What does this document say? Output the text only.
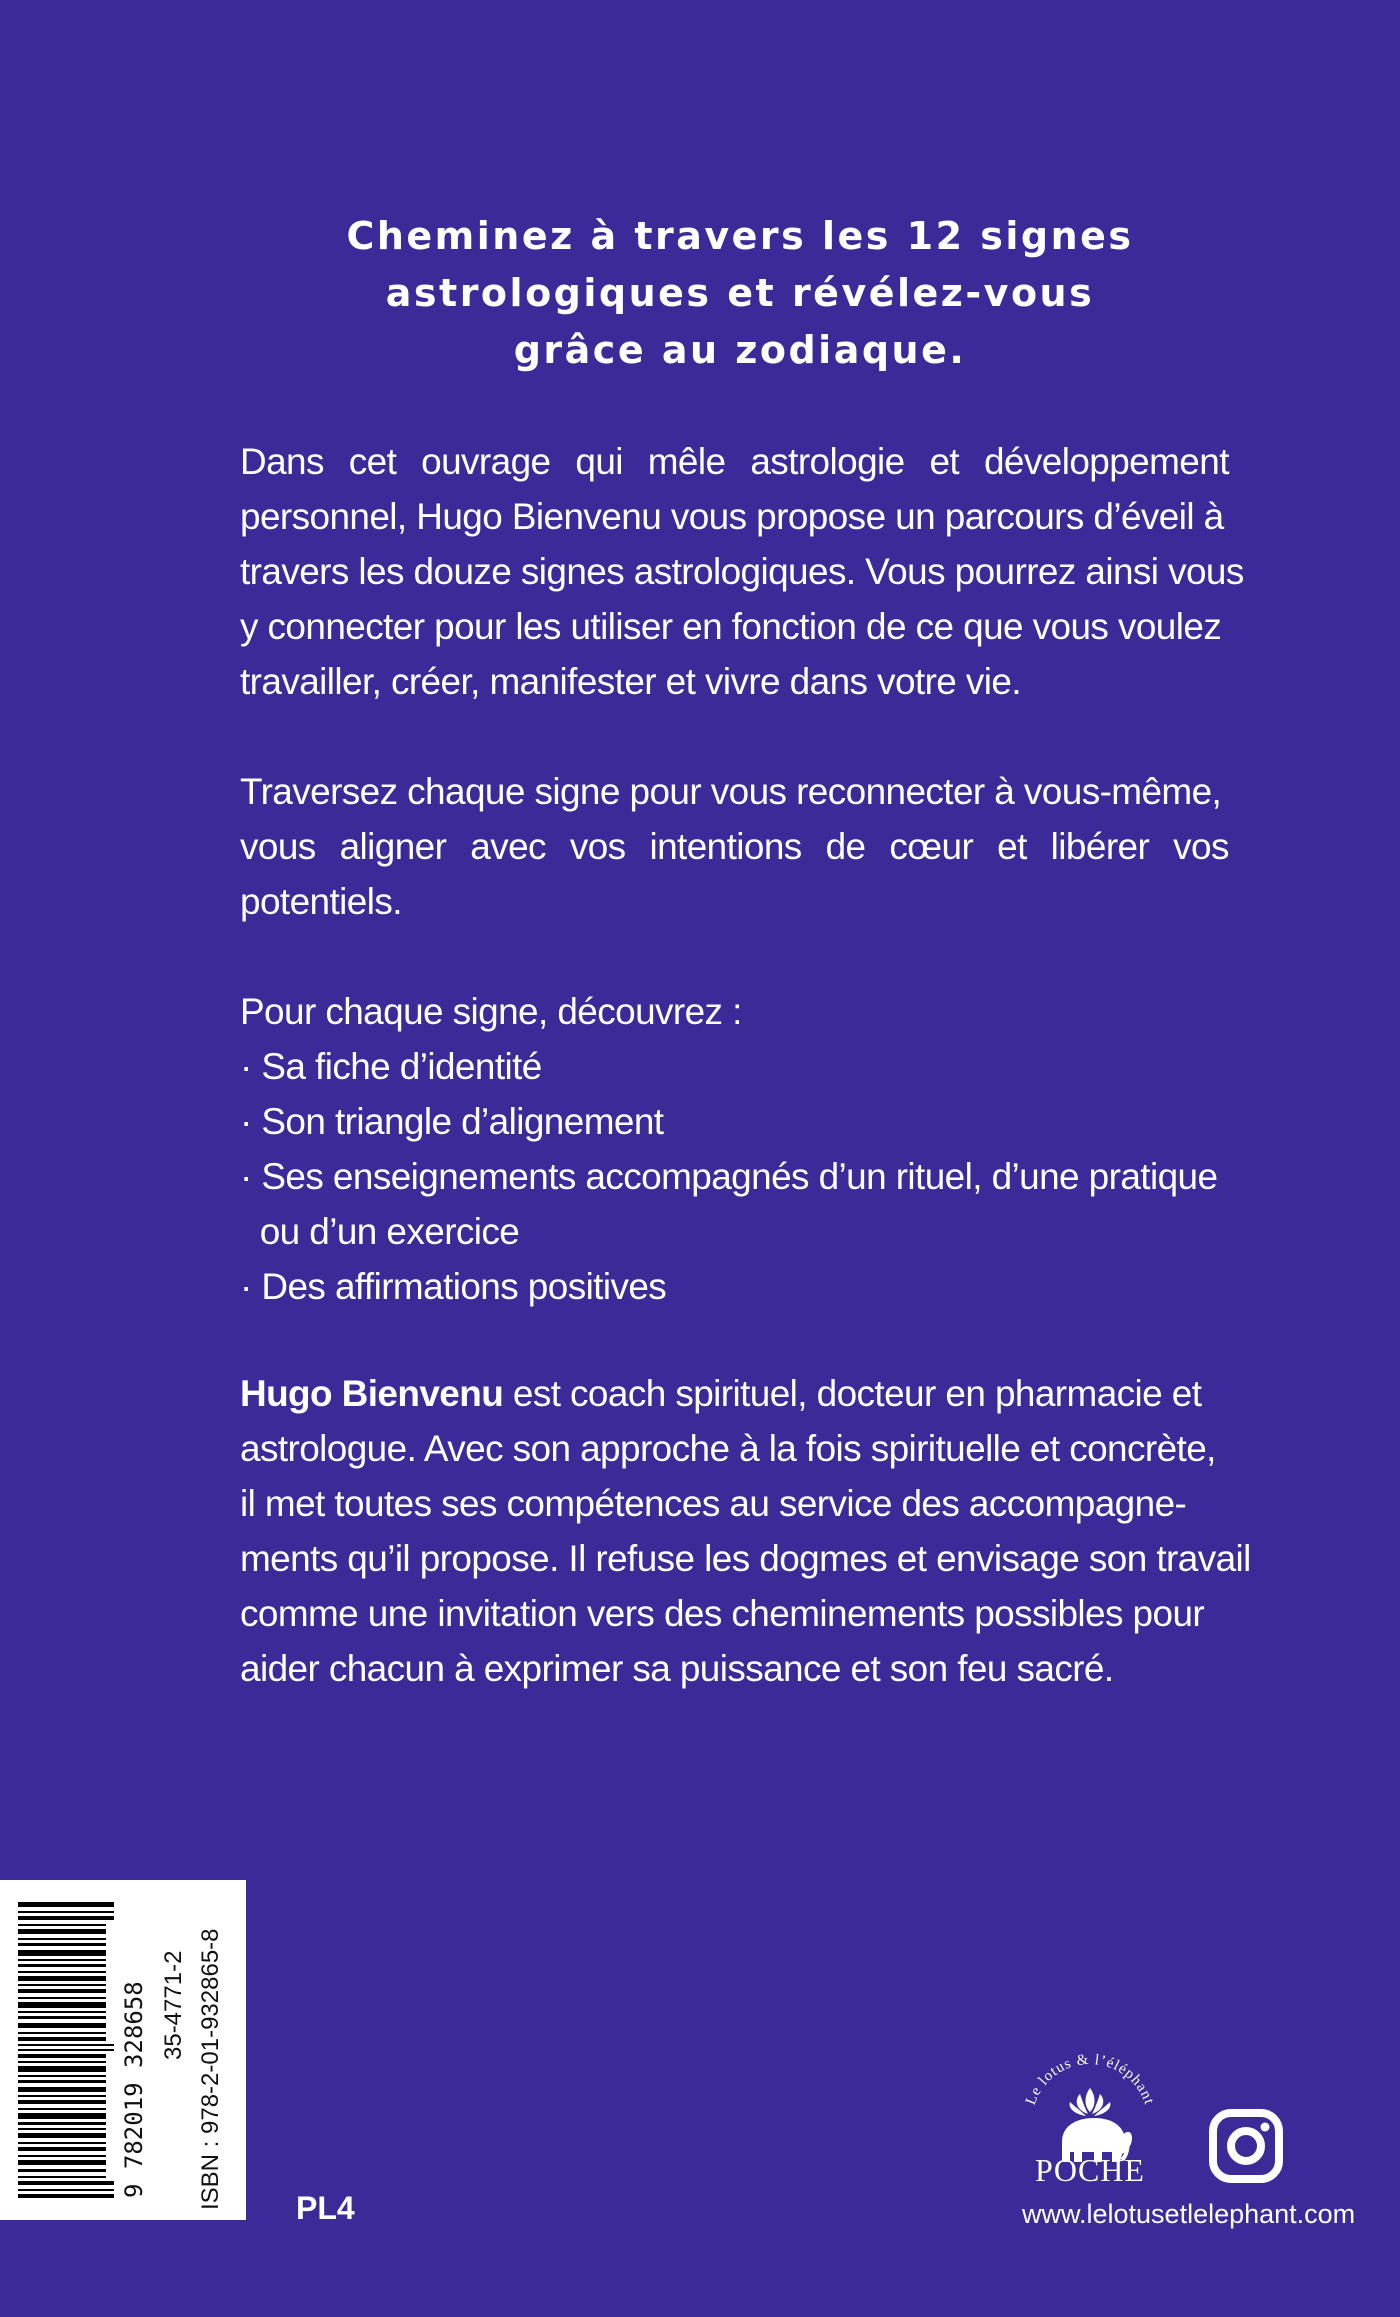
Cheminez à travers les 12 signes
astrologiques et révélez-vous
grâce au zodiaque.
Dans cet ouvrage qui mêle astrologie et développement
personnel, Hugo Bienvenu vous propose un parcours d’éveil à
travers les douze signes astrologiques. Vous pourrez ainsi vous
y connecter pour les utiliser en fonction de ce que vous voulez
travailler, créer, manifester et vivre dans votre vie.
Traversez chaque signe pour vous reconnecter à vous-même,
vous aligner avec vos intentions de cœur et libérer vos
potentiels.
Pour chaque signe, découvrez :
· Sa fiche d’identité
· Son triangle d’alignement
· Ses enseignements accompagnés d’un rituel, d’une pratique
ou d’un exercice
· Des affirmations positives
Hugo Bienvenu est coach spirituel, docteur en pharmacie et
astrologue. Avec son approche à la fois spirituelle et concrète,
il met toutes ses compétences au service des accompagne-
ments qu’il propose. Il refuse les dogmes et envisage son travail
comme une invitation vers des cheminements possibles pour
aider chacun à exprimer sa puissance et son feu sacré.
9 782019 328658 35-4771-2 ISBN : 978-2-01-932865-8 PL4
Le lotus & l’éléphant
POCHE
www.lelotusetlelephant.com
